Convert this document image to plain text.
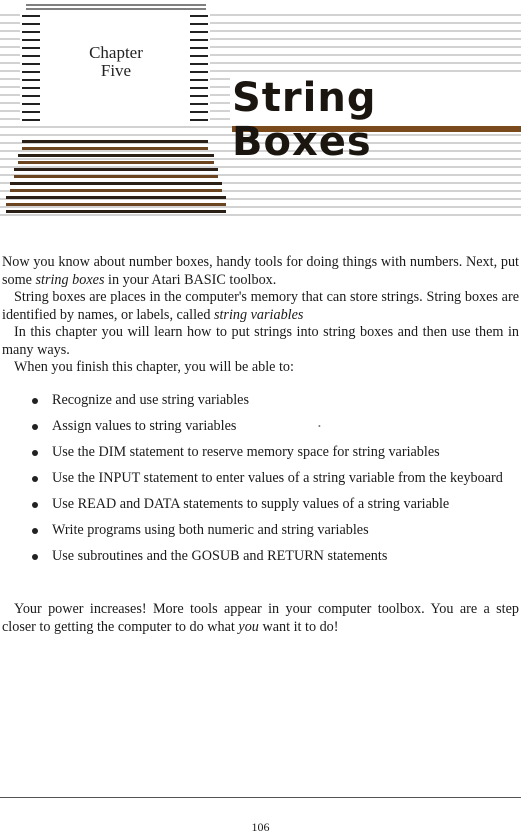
Chapter
Five
String Boxes

Now you know about number boxes, handy tools for doing things with numbers. Next, put some string boxes in your Atari BASIC toolbox.

String boxes are places in the computer's memory that can store strings. String boxes are identified by names, or labels, called string variables

In this chapter you will learn how to put strings into string boxes and then use them in many ways.

When you finish this chapter, you will be able to:

•
Recognize and use string variables
Assign values to string variables
Use the DIM statement to reserve memory space for string variables
Use the INPUT statement to enter values of a string variable from the keyboard
Use READ and DATA statements to supply values of a string variable
Write programs using both numeric and string variables
Use subroutines and the GOSUB and RETURN statements

Your power increases! More tools appear in your computer toolbox. You are a step closer to getting the computer to do what you want it to do!

106
